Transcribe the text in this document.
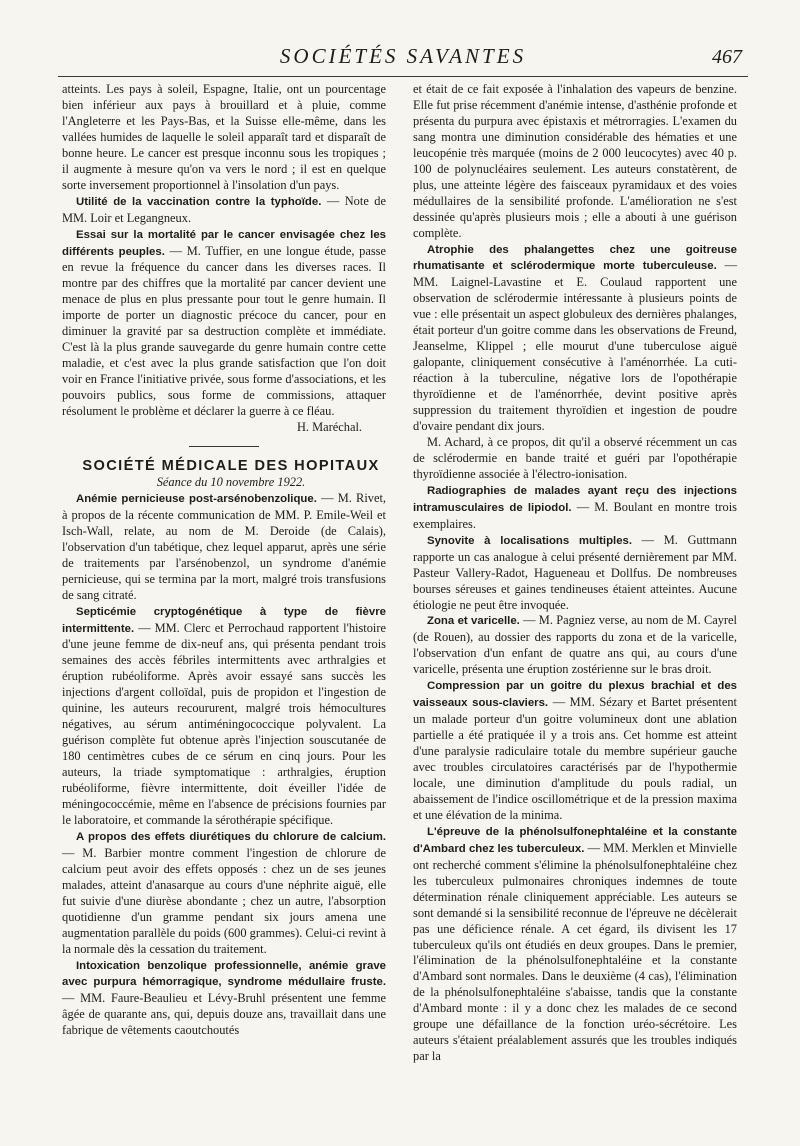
SOCIÉTÉS SAVANTES	467

atteints. Les pays à soleil, Espagne, Italie, ont un pourcentage bien inférieur aux pays à brouillard et à pluie, comme l'Angleterre et les Pays-Bas, et la Suisse elle-même, dans les vallées humides de laquelle le soleil apparaît tard et disparaît de bonne heure. Le cancer est presque inconnu sous les tropiques ; il augmente à mesure qu'on va vers le nord ; il est en quelque sorte inversement proportionnel à l'insolation d'un pays.

Utilité de la vaccination contre la typhoïde. — Note de MM. Loir et Legangneux.

Essai sur la mortalité par le cancer envisagée chez les différents peuples. — M. Tuffier, en une longue étude, passe en revue la fréquence du cancer dans les diverses races. Il montre par des chiffres que la mortalité par cancer devient une menace de plus en plus pressante pour tout le genre humain. Il importe de porter un diagnostic précoce du cancer, pour en diminuer la gravité par sa destruction complète et immédiate. C'est là la plus grande sauvegarde du genre humain contre cette maladie, et c'est avec la plus grande satisfaction que l'on doit voir en France l'initiative privée, sous forme d'associations, et les pouvoirs publics, sous forme de commissions, attaquer résolument le problème et déclarer la guerre à ce fléau.

H. Maréchal.

SOCIÉTÉ MÉDICALE DES HOPITAUX

Séance du 10 novembre 1922.

Anémie pernicieuse post-arsénobenzolique. — M. Rivet, à propos de la récente communication de MM. P. Emile-Weil et Isch-Wall, relate, au nom de M. Deroide (de Calais), l'observation d'un tabétique, chez lequel apparut, après une série de traitements par l'arsénobenzol, un syndrome d'anémie pernicieuse, qui se termina par la mort, malgré trois transfusions de sang citraté.

Septicémie cryptogénétique à type de fièvre intermittente. — MM. Clerc et Perrochaud rapportent l'histoire d'une jeune femme de dix-neuf ans, qui présenta pendant trois semaines des accès fébriles intermittents avec arthralgies et éruption rubéoliforme. Après avoir essayé sans succès les injections d'argent colloïdal, puis de propidon et l'ingestion de quinine, les auteurs recoururent, malgré trois hémocultures négatives, au sérum antiméningococcique polyvalent. La guérison complète fut obtenue après l'injection souscutanée de 180 centimètres cubes de ce sérum en cinq jours. Pour les auteurs, la triade symptomatique : arthralgies, éruption rubéoliforme, fièvre intermittente, doit éveiller l'idée de méningococcémie, même en l'absence de précisions fournies par le laboratoire, et commande la sérothérapie spécifique.

A propos des effets diurétiques du chlorure de calcium. — M. Barbier montre comment l'ingestion de chlorure de calcium peut avoir des effets opposés : chez un de ses jeunes malades, atteint d'anasarque au cours d'une néphrite aiguë, elle fut suivie d'une diurèse abondante ; chez un autre, l'absorption quotidienne d'un gramme pendant six jours amena une augmentation parallèle du poids (600 grammes). Celui-ci revint à la normale dès la cessation du traitement.

Intoxication benzolique professionnelle, anémie grave avec purpura hémorragique, syndrome médullaire fruste. — MM. Faure-Beaulieu et Lévy-Bruhl présentent une femme âgée de quarante ans, qui, depuis douze ans, travaillait dans une fabrique de vêtements caoutchoutés

et était de ce fait exposée à l'inhalation des vapeurs de benzine. Elle fut prise récemment d'anémie intense, d'asthénie profonde et présenta du purpura avec épistaxis et métrorragies. L'examen du sang montra une diminution considérable des hématies et une leucopénie très marquée (moins de 2 000 leucocytes) avec 40 p. 100 de polynucléaires seulement. Les auteurs constatèrent, de plus, une atteinte légère des faisceaux pyramidaux et des voies médullaires de la sensibilité profonde. L'amélioration ne s'est dessinée qu'après plusieurs mois ; elle a abouti à une guérison complète.

Atrophie des phalangettes chez une goitreuse rhumatisante et sclérodermique morte tuberculeuse. — MM. Laignel-Lavastine et E. Coulaud rapportent une observation de sclérodermie intéressante à plusieurs points de vue : elle présentait un aspect globuleux des dernières phalanges, était porteur d'un goitre comme dans les observations de Freund, Jeanselme, Klippel ; elle mourut d'une tuberculose aiguë galopante, cliniquement consécutive à l'aménorrhée. La cuti-réaction à la tuberculine, négative lors de l'opothérapie thyroïdienne et de l'aménorrhée, devint positive après suppression du traitement thyroïdien et ingestion de poudre d'ovaire pendant dix jours.

M. Achard, à ce propos, dit qu'il a observé récemment un cas de sclérodermie en bande traité et guéri par l'opothérapie thyroïdienne associée à l'électro-ionisation.

Radiographies de malades ayant reçu des injections intramusculaires de lipiodol. — M. Boulant en montre trois exemplaires.

Synovite à localisations multiples. — M. Guttmann rapporte un cas analogue à celui présenté dernièrement par MM. Pasteur Vallery-Radot, Hagueneau et Dollfus. De nombreuses bourses séreuses et gaines tendineuses étaient atteintes. Aucune étiologie ne peut être invoquée.

Zona et varicelle. — M. Pagniez verse, au nom de M. Cayrel (de Rouen), au dossier des rapports du zona et de la varicelle, l'observation d'un enfant de quatre ans qui, au cours d'une varicelle, présenta une éruption zostérienne sur le bras droit.

Compression par un goitre du plexus brachial et des vaisseaux sous-claviers. — MM. Sézary et Bartet présentent un malade porteur d'un goitre volumineux dont une ablation partielle a été pratiquée il y a trois ans. Cet homme est atteint d'une paralysie radiculaire totale du membre supérieur gauche avec troubles circulatoires caractérisés par de l'hypothermie locale, une diminution d'amplitude du pouls radial, un abaissement de l'indice oscillométrique et de la pression maxima et une élévation de la minima.

L'épreuve de la phénolsulfonephtaléine et la constante d'Ambard chez les tuberculeux. — MM. Merklen et Minvielle ont recherché comment s'élimine la phénolsulfonephtaléine chez les tuberculeux pulmonaires chroniques indemnes de toute détermination rénale cliniquement appréciable. Les auteurs se sont demandé si la sensibilité reconnue de l'épreuve ne décèlerait pas une déficience rénale. A cet égard, ils divisent les 17 tuberculeux qu'ils ont étudiés en deux groupes. Dans le premier, l'élimination de la phénolsulfonephtaléine et la constante d'Ambard sont normales. Dans le deuxième (4 cas), l'élimination de la phénolsulfonephtaléine s'abaisse, tandis que la constante d'Ambard monte : il y a donc chez les malades de ce second groupe une défaillance de la fonction uréo-sécrétoire. Les auteurs s'étaient préalablement assurés que les troubles indiqués par la
